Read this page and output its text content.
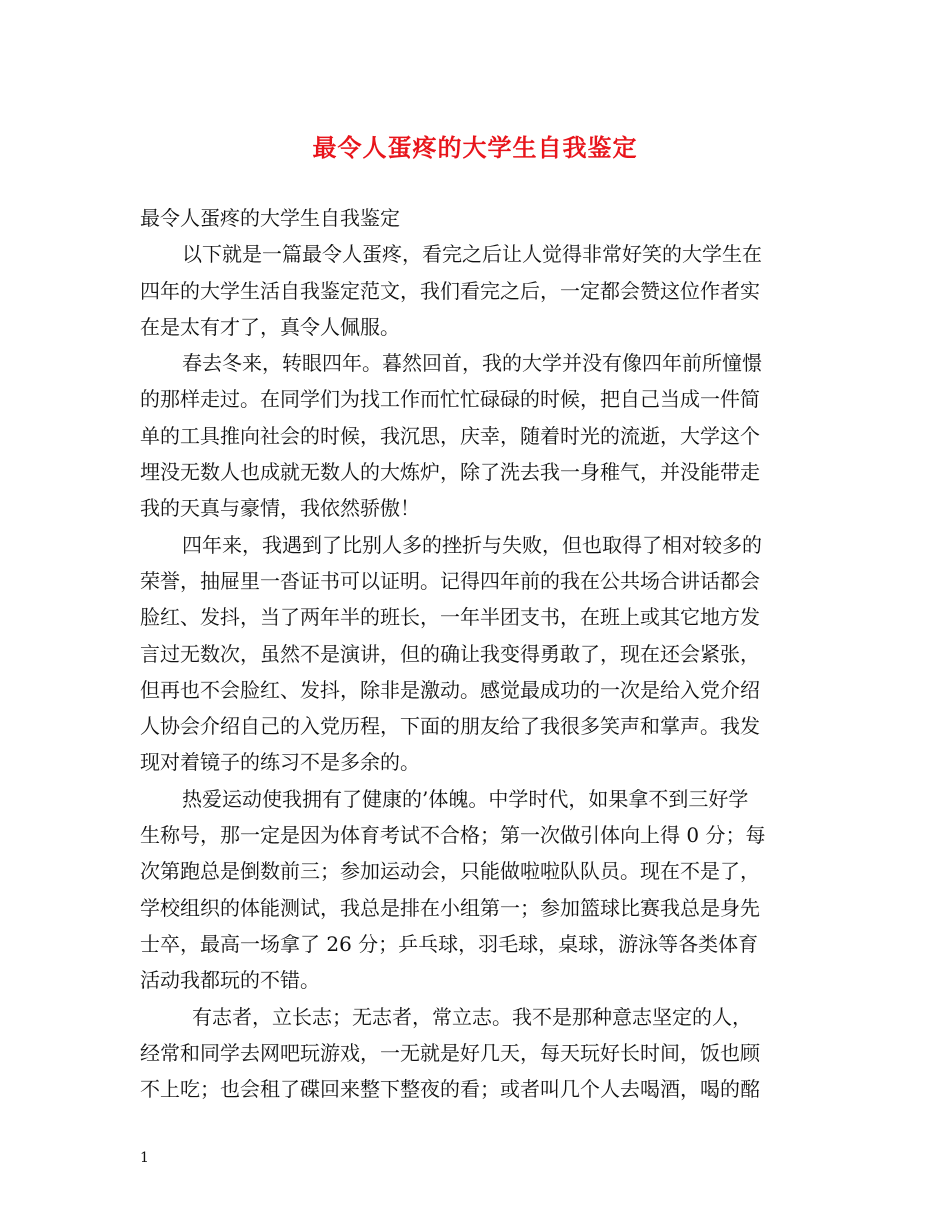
最令人蛋疼的大学生自我鉴定
最令人蛋疼的大学生自我鉴定
以下就是一篇最令人蛋疼，看完之后让人觉得非常好笑的大学生在
四年的大学生活自我鉴定范文，我们看完之后，一定都会赞这位作者实
在是太有才了，真令人佩服。
春去冬来，转眼四年。暮然回首，我的大学并没有像四年前所憧憬
的那样走过。在同学们为找工作而忙忙碌碌的时候，把自己当成一件简
单的工具推向社会的时候，我沉思，庆幸，随着时光的流逝，大学这个
埋没无数人也成就无数人的大炼炉，除了洗去我一身稚气，并没能带走
我的天真与豪情，我依然骄傲！
四年来，我遇到了比别人多的挫折与失败，但也取得了相对较多的
荣誉，抽屉里一沓证书可以证明。记得四年前的我在公共场合讲话都会
脸红、发抖，当了两年半的班长，一年半团支书，在班上或其它地方发
言过无数次，虽然不是演讲，但的确让我变得勇敢了，现在还会紧张，
但再也不会脸红、发抖，除非是激动。感觉最成功的一次是给入党介绍
人协会介绍自己的入党历程，下面的朋友给了我很多笑声和掌声。我发
现对着镜子的练习不是多余的。
热爱运动使我拥有了健康的’体魄。中学时代，如果拿不到三好学
生称号，那一定是因为体育考试不合格；第一次做引体向上得 0 分；每
次第跑总是倒数前三；参加运动会，只能做啦啦队队员。现在不是了，
学校组织的体能测试，我总是排在小组第一；参加篮球比赛我总是身先
士卒，最高一场拿了 26 分；乒乓球，羽毛球，桌球，游泳等各类体育
活动我都玩的不错。
有志者，立长志；无志者，常立志。我不是那种意志坚定的人，
经常和同学去网吧玩游戏，一无就是好几天，每天玩好长时间，饭也顾
不上吃；也会租了碟回来整下整夜的看；或者叫几个人去喝酒，喝的酩
1
